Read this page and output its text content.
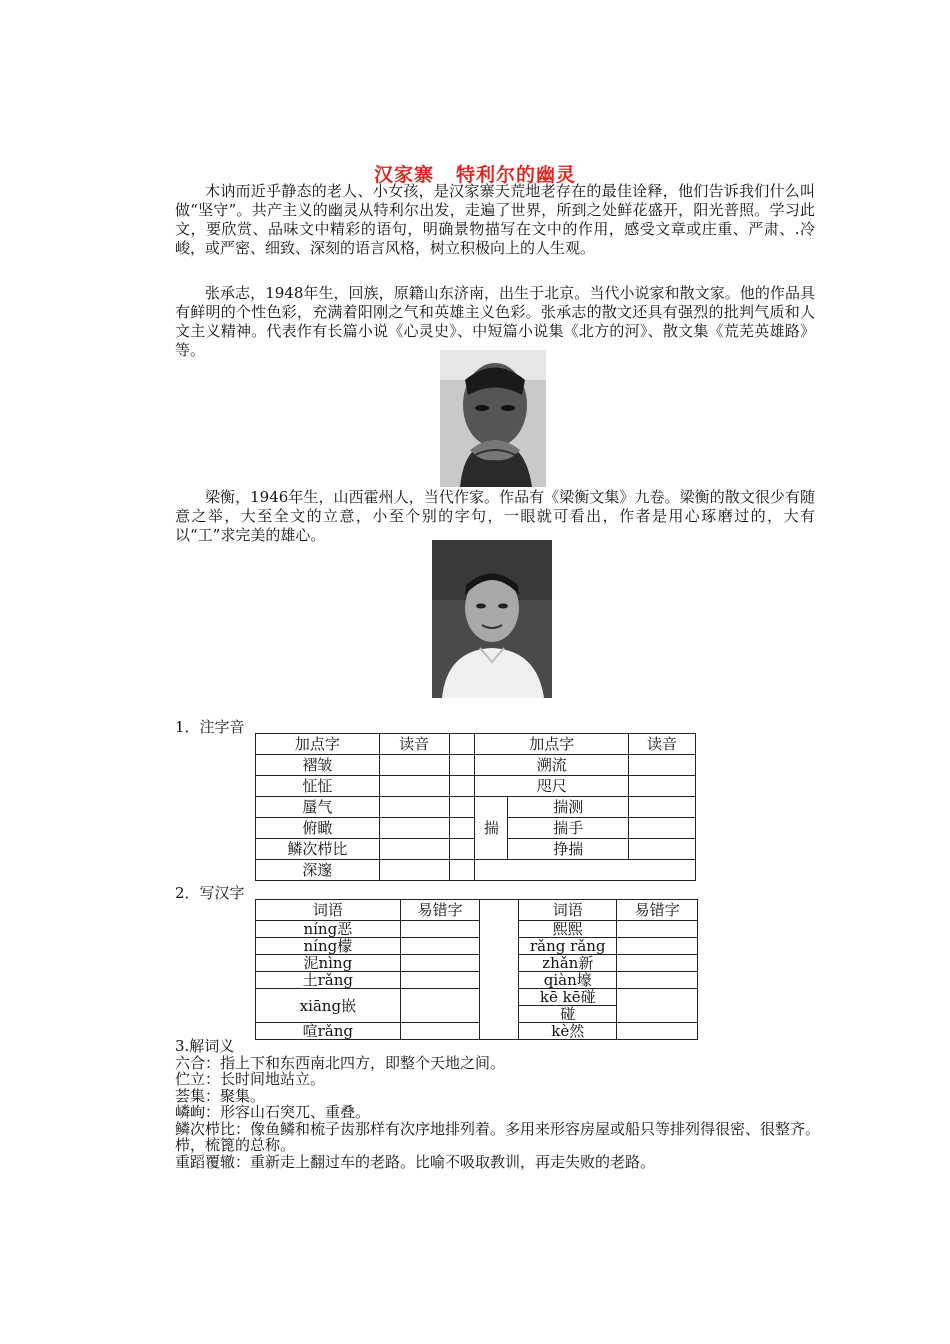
汉家寨 特利尔的幽灵
木讷而近乎静态的老人、小女孩，是汉家寨天荒地老存在的最佳诠释，他们告诉我们什么叫做“坚守”。共产主义的幽灵从特利尔出发，走遍了世界，所到之处鲜花盛开，阳光普照。学习此文，要欣赏、品味文中精彩的语句，明确景物描写在文中的作用，感受文章或庄重、严肃、.冷峻，或严密、细致、深刻的语言风格，树立积极向上的人生观。
张承志，1948年生，回族，原籍山东济南，出生于北京。当代小说家和散文家。他的作品具有鲜明的个性色彩，充满着阳刚之气和英雄主义色彩。张承志的散文还具有强烈的批判气质和人文主义精神。代表作有长篇小说《心灵史》、中短篇小说集《北方的河》、散文集《荒芜英雄路》等。
梁衡，1946年生，山西霍州人，当代作家。作品有《梁衡文集》九卷。梁衡的散文很少有随意之举，大至全文的立意，小至个别的字句，一眼就可看出，作者是用心琢磨过的，大有以“工”求完美的雄心。
1．注字音
加点字	读音		加点字		读音
褶皱			溯流		
怔怔			咫尺		
蜃气			揣	揣测	
俯瞰				揣手	
鳞次栉比				挣揣	
深邃					
2．写汉字
词语	易错字		词语	易错字
níng恶			熙熙	
níng檬			rǎng rǎng	
泥nìng			zhǎn新	
土rǎng			qiàn壕	
xiāng嵌			kē kē碰	
			碰	
喧rǎng			kè然	
3.解词义
六合：指上下和东西南北四方，即整个天地之间。
伫立：长时间地站立。
荟集：聚集。
嶙峋：形容山石突兀、重叠。
鳞次栉比：像鱼鳞和梳子齿那样有次序地排列着。多用来形容房屋或船只等排列得很密、很整齐。栉，梳篦的总称。
重蹈覆辙：重新走上翻过车的老路。比喻不吸取教训，再走失败的老路。
